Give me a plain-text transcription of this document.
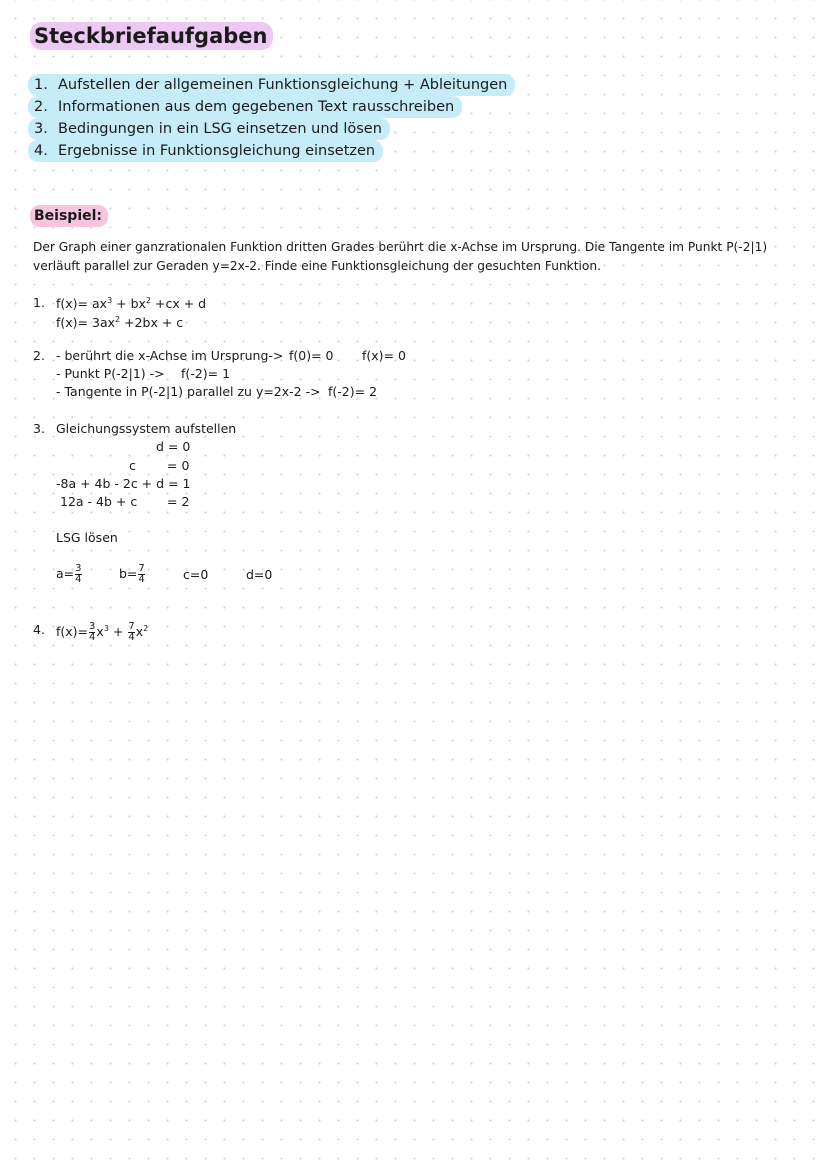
Steckbriefaufgaben
1. Aufstellen der allgemeinen Funktionsgleichung + Ableitungen
2. Informationen aus dem gegebenen Text rausschreiben
3. Bedingungen in ein LSG einsetzen und lösen
4. Ergebnisse in Funktionsgleichung einsetzen
Beispiel:
Der Graph einer ganzrationalen Funktion dritten Grades berührt die x-Achse im Ursprung. Die Tangente im Punkt P(-2|1) verläuft parallel zur Geraden y=2x-2. Finde eine Funktionsgleichung der gesuchten Funktion.
1. $f(x)= ax^3 + bx^2 +cx + d$
$f(x)= 3ax^2 +2bx + c$
2. - berührt die x-Achse im Ursprung-> f(0)= 0 f(x)= 0
- Punkt P(-2|1) -> f(-2)= 1
- Tangente in P(-2|1) parallel zu y=2x-2 -> f(-2)= 2
3. Gleichungssystem aufstellen
d = 0
c = 0
-8a + 4b - 2c + d = 1
12a - 4b + c = 2
LSG lösen
$a= \frac{3}{4}$	$b= \frac{7}{4}$	c=0	d=0
4. $f(x)= \frac{3}{4} x^3 + \frac{7}{4} x^2$
